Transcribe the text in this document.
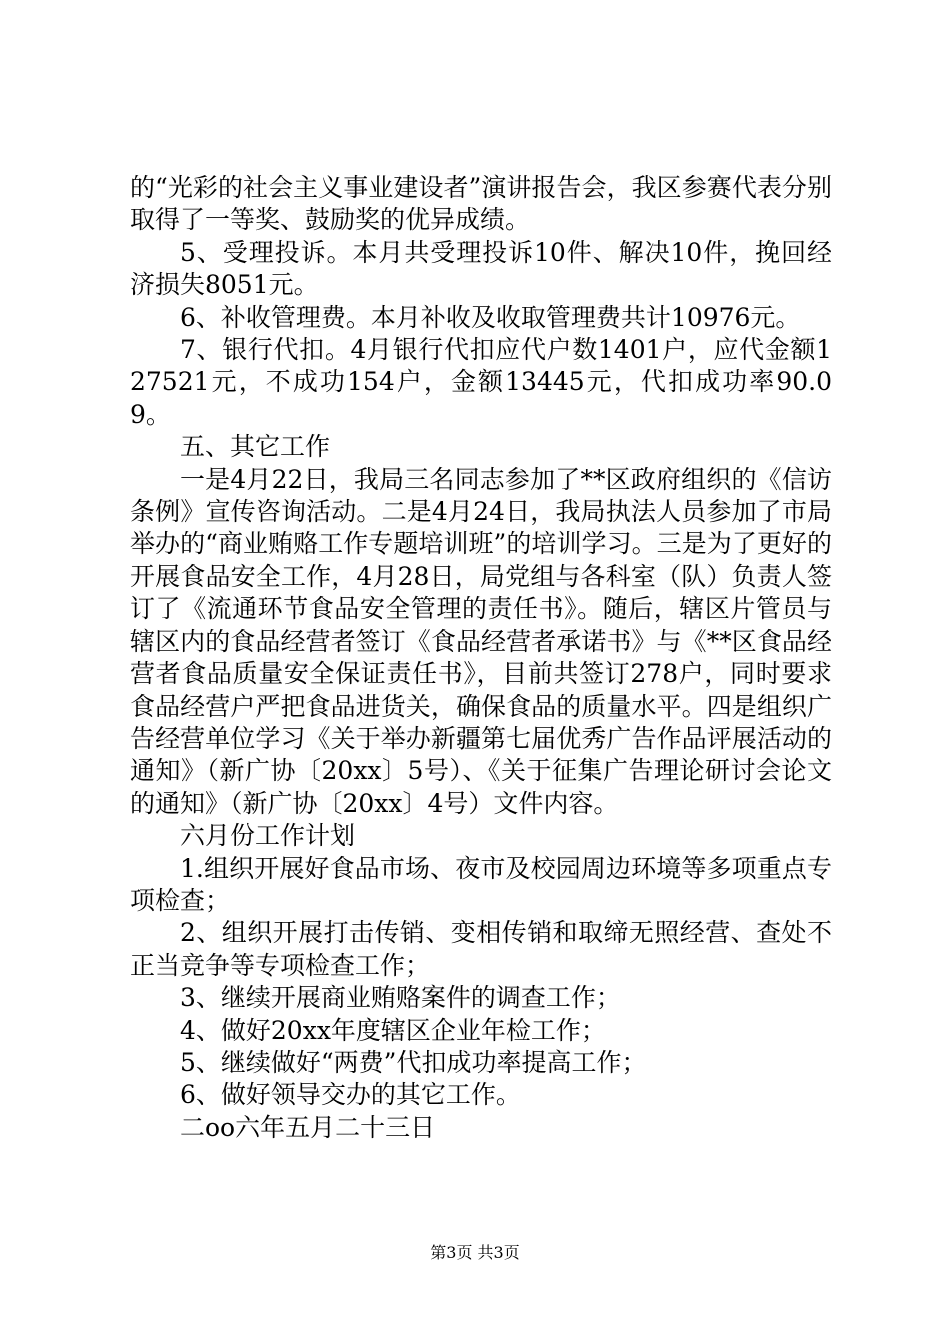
的“光彩的社会主义事业建设者”演讲报告会，我区参赛代表分别取得了一等奖、鼓励奖的优异成绩。

5、受理投诉。本月共受理投诉10件、解决10件，挽回经济损失8051元。

6、补收管理费。本月补收及收取管理费共计10976元。

7、银行代扣。4月银行代扣应代户数1401户，应代金额127521元，不成功154户，金额13445元，代扣成功率90.09。

五、其它工作

一是4月22日，我局三名同志参加了**区政府组织的《信访条例》宣传咨询活动。二是4月24日，我局执法人员参加了市局举办的“商业贿赂工作专题培训班”的培训学习。三是为了更好的开展食品安全工作，4月28日，局党组与各科室（队）负责人签订了《流通环节食品安全管理的责任书》。随后，辖区片管员与辖区内的食品经营者签订《食品经营者承诺书》与《**区食品经营者食品质量安全保证责任书》，目前共签订278户，同时要求食品经营户严把食品进货关，确保食品的质量水平。四是组织广告经营单位学习《关于举办新疆第七届优秀广告作品评展活动的通知》（新广协〔20xx〕5号）、《关于征集广告理论研讨会论文的通知》（新广协〔20xx〕4号）文件内容。

六月份工作计划

1.组织开展好食品市场、夜市及校园周边环境等多项重点专项检查；

2、组织开展打击传销、变相传销和取缔无照经营、查处不正当竞争等专项检查工作；

3、继续开展商业贿赂案件的调查工作；

4、做好20xx年度辖区企业年检工作；

5、继续做好“两费”代扣成功率提高工作；

6、做好领导交办的其它工作。

二oo六年五月二十三日

第3页 共3页
